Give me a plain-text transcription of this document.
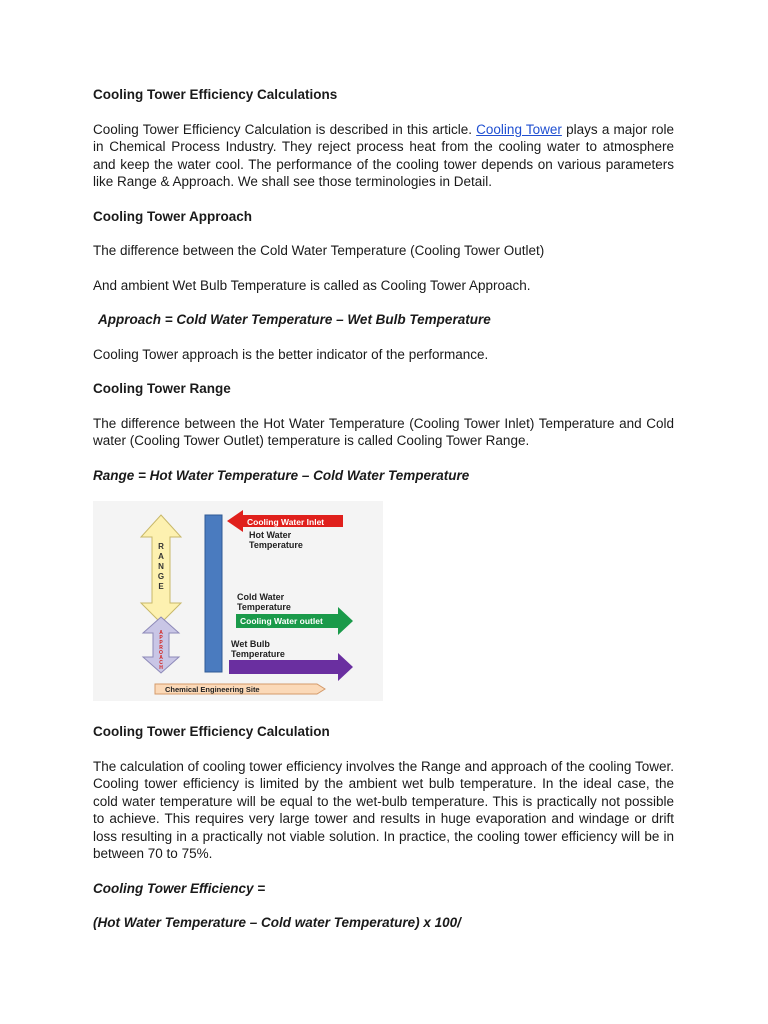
Cooling Tower Efficiency Calculations

Cooling Tower Efficiency Calculation is described in this article. Cooling Tower plays a major role in Chemical Process Industry. They reject process heat from the cooling water to atmosphere and keep the water cool. The performance of the cooling tower depends on various parameters like Range & Approach. We shall see those terminologies in Detail.

Cooling Tower Approach

The difference between the Cold Water Temperature (Cooling Tower Outlet)

And ambient Wet Bulb Temperature is called as Cooling Tower Approach.

Approach = Cold Water Temperature – Wet Bulb Temperature

Cooling Tower approach is the better indicator of the performance.

Cooling Tower Range

The difference between the Hot Water Temperature (Cooling Tower Inlet) Temperature and Cold water (Cooling Tower Outlet) temperature is called Cooling Tower Range.

Range = Hot Water Temperature – Cold Water Temperature

Cooling Water Inlet
Hot Water
Temperature
Cold Water
Temperature
Cooling Water outlet
Wet Bulb
Temperature
Chemical Engineering Site
R
A
N
G
E
A
P
P
R
O
A
C
H

Cooling Tower Efficiency Calculation

The calculation of cooling tower efficiency involves the Range and approach of the cooling Tower. Cooling tower efficiency is limited by the ambient wet bulb temperature. In the ideal case, the cold water temperature will be equal to the wet-bulb temperature. This is practically not possible to achieve. This requires very large tower and results in huge evaporation and windage or drift loss resulting in a practically not viable solution. In practice, the cooling tower efficiency will be in between 70 to 75%.

Cooling Tower Efficiency =

(Hot Water Temperature – Cold water Temperature) x 100/
